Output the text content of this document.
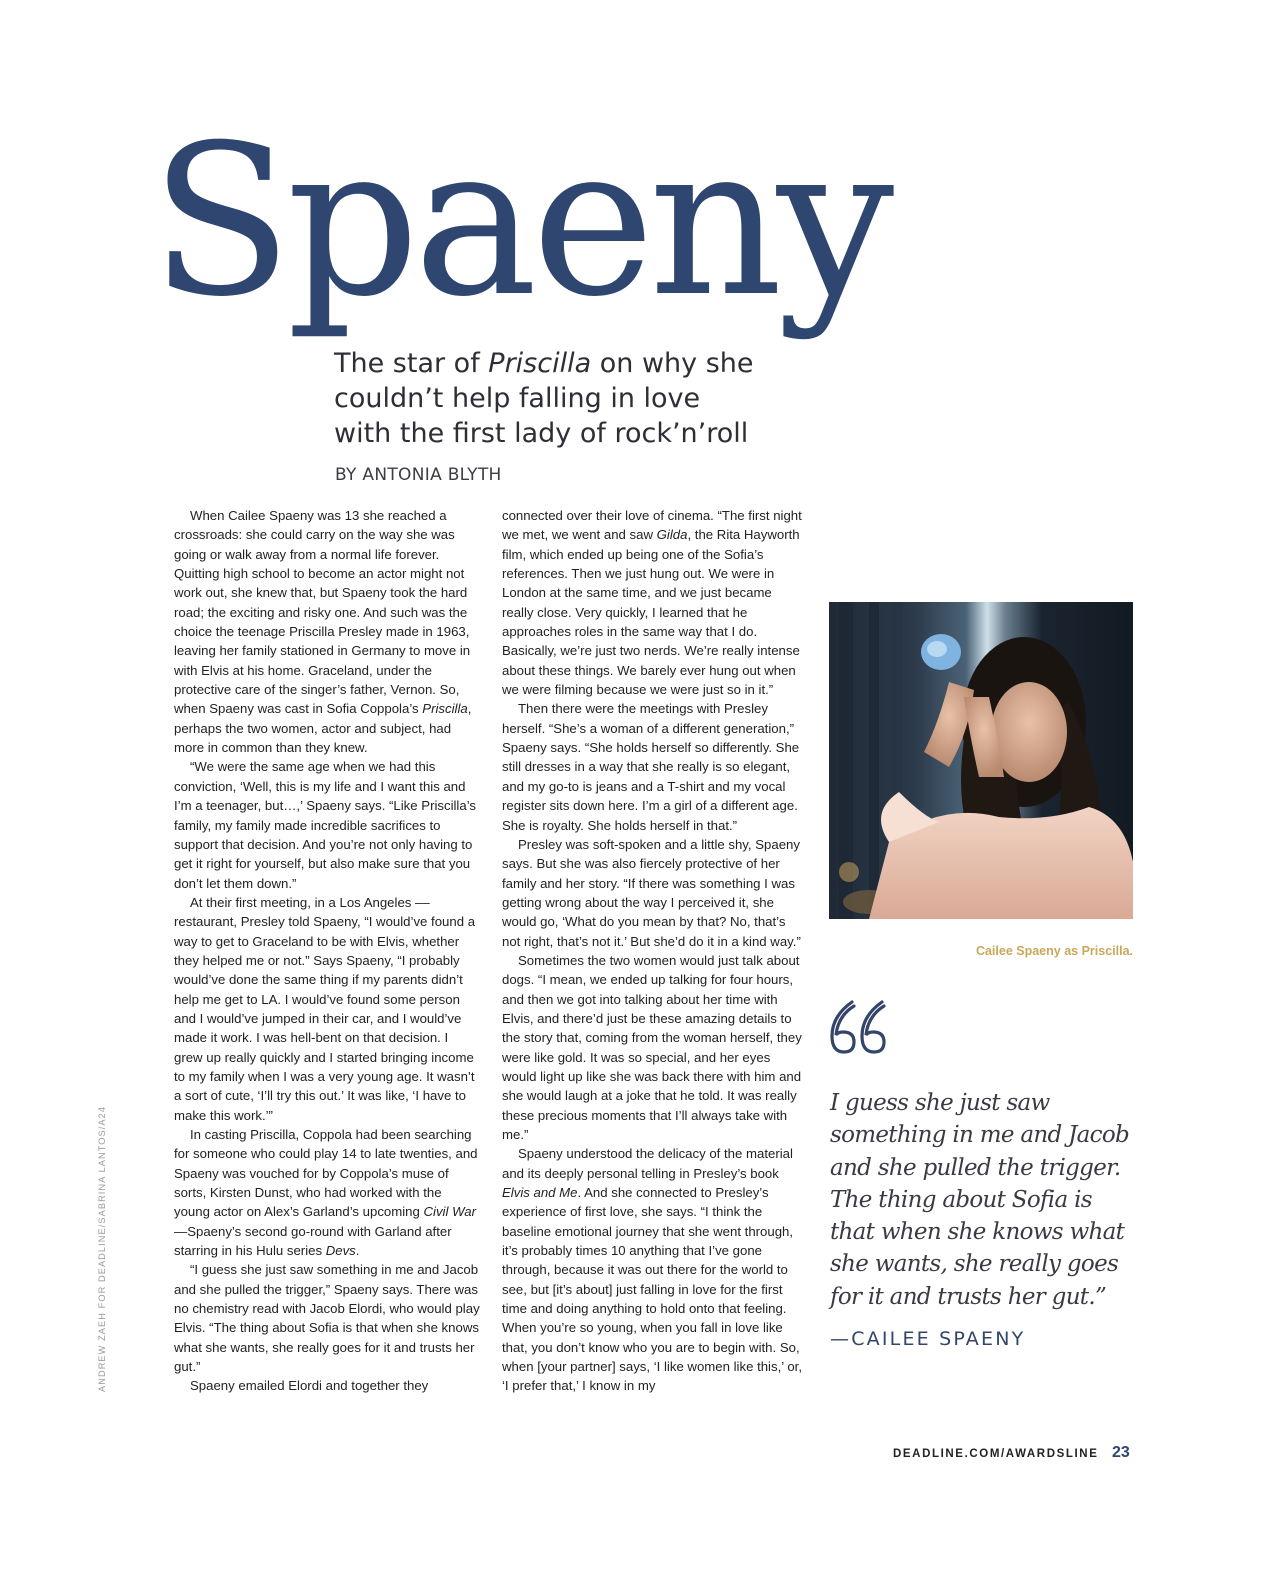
Spaeny
The star of Priscilla on why she couldn’t help falling in love with the first lady of rock’n’roll
BY ANTONIA BLYTH

When Cailee Spaeny was 13 she reached a crossroads: she could carry on the way she was going or walk away from a normal life forever. Quitting high school to become an actor might not work out, she knew that, but Spaeny took the hard road; the exciting and risky one. And such was the choice the teenage Priscilla Presley made in 1963, leaving her family stationed in Germany to move in with Elvis at his home. Graceland, under the protective care of the singer’s father, Vernon. So, when Spaeny was cast in Sofia Coppola’s Priscilla, perhaps the two women, actor and subject, had more in common than they knew.

“We were the same age when we had this conviction, ‘Well, this is my life and I want this and I’m a teenager, but…,’ Spaeny says. “Like Priscilla’s family, my family made incredible sacrifices to support that decision. And you’re not only having to get it right for yourself, but also make sure that you don’t let them down.”

At their first meeting, in a Los Angeles –– restaurant, Presley told Spaeny, “I would’ve found a way to get to Graceland to be with Elvis, whether they helped me or not.” Says Spaeny, “I probably would’ve done the same thing if my parents didn’t help me get to LA. I would’ve found some person and I would’ve jumped in their car, and I would’ve made it work. I was hell-bent on that decision. I grew up really quickly and I started bringing income to my family when I was a very young age. It wasn’t a sort of cute, ‘I’ll try this out.’ It was like, ‘I have to make this work.’”

In casting Priscilla, Coppola had been searching for someone who could play 14 to late twenties, and Spaeny was vouched for by Coppola’s muse of sorts, Kirsten Dunst, who had worked with the young actor on Alex’s Garland’s upcoming Civil War—Spaeny’s second go-round with Garland after starring in his Hulu series Devs.

“I guess she just saw something in me and Jacob and she pulled the trigger,” Spaeny says. There was no chemistry read with Jacob Elordi, who would play Elvis. “The thing about Sofia is that when she knows what she wants, she really goes for it and trusts her gut.”

Spaeny emailed Elordi and together they

connected over their love of cinema. “The first night we met, we went and saw Gilda, the Rita Hayworth film, which ended up being one of the Sofia’s references. Then we just hung out. We were in London at the same time, and we just became really close. Very quickly, I learned that he approaches roles in the same way that I do. Basically, we’re just two nerds. We’re really intense about these things. We barely ever hung out when we were filming because we were just so in it.”

Then there were the meetings with Presley herself. “She’s a woman of a different generation,” Spaeny says. “She holds herself so differently. She still dresses in a way that she really is so elegant, and my go-to is jeans and a T-shirt and my vocal register sits down here. I’m a girl of a different age. She is royalty. She holds herself in that.”

Presley was soft-spoken and a little shy, Spaeny says. But she was also fiercely protective of her family and her story. “If there was something I was getting wrong about the way I perceived it, she would go, ‘What do you mean by that? No, that’s not right, that’s not it.’ But she’d do it in a kind way.”

Sometimes the two women would just talk about dogs. “I mean, we ended up talking for four hours, and then we got into talking about her time with Elvis, and there’d just be these amazing details to the story that, coming from the woman herself, they were like gold. It was so special, and her eyes would light up like she was back there with him and she would laugh at a joke that he told. It was really these precious moments that I’ll always take with me.”

Spaeny understood the delicacy of the material and its deeply personal telling in Presley’s book Elvis and Me. And she connected to Presley’s experience of first love, she says. “I think the baseline emotional journey that she went through, it’s probably times 10 anything that I’ve gone through, because it was out there for the world to see, but [it’s about] just falling in love for the first time and doing anything to hold onto that feeling. When you’re so young, when you fall in love like that, you don’t know who you are to begin with. So, when [your partner] says, ‘I like women like this,’ or, ‘I prefer that,’ I know in my

Cailee Spaeny as Priscilla.

I guess she just saw something in me and Jacob and she pulled the trigger. The thing about Sofia is that when she knows what she wants, she really goes for it and trusts her gut.”

—CAILEE SPAENY
ANDREW ZAEH FOR DEADLINE/SABRINA LANTOS/A24
DEADLINE.COM/AWARDSLINE 23
